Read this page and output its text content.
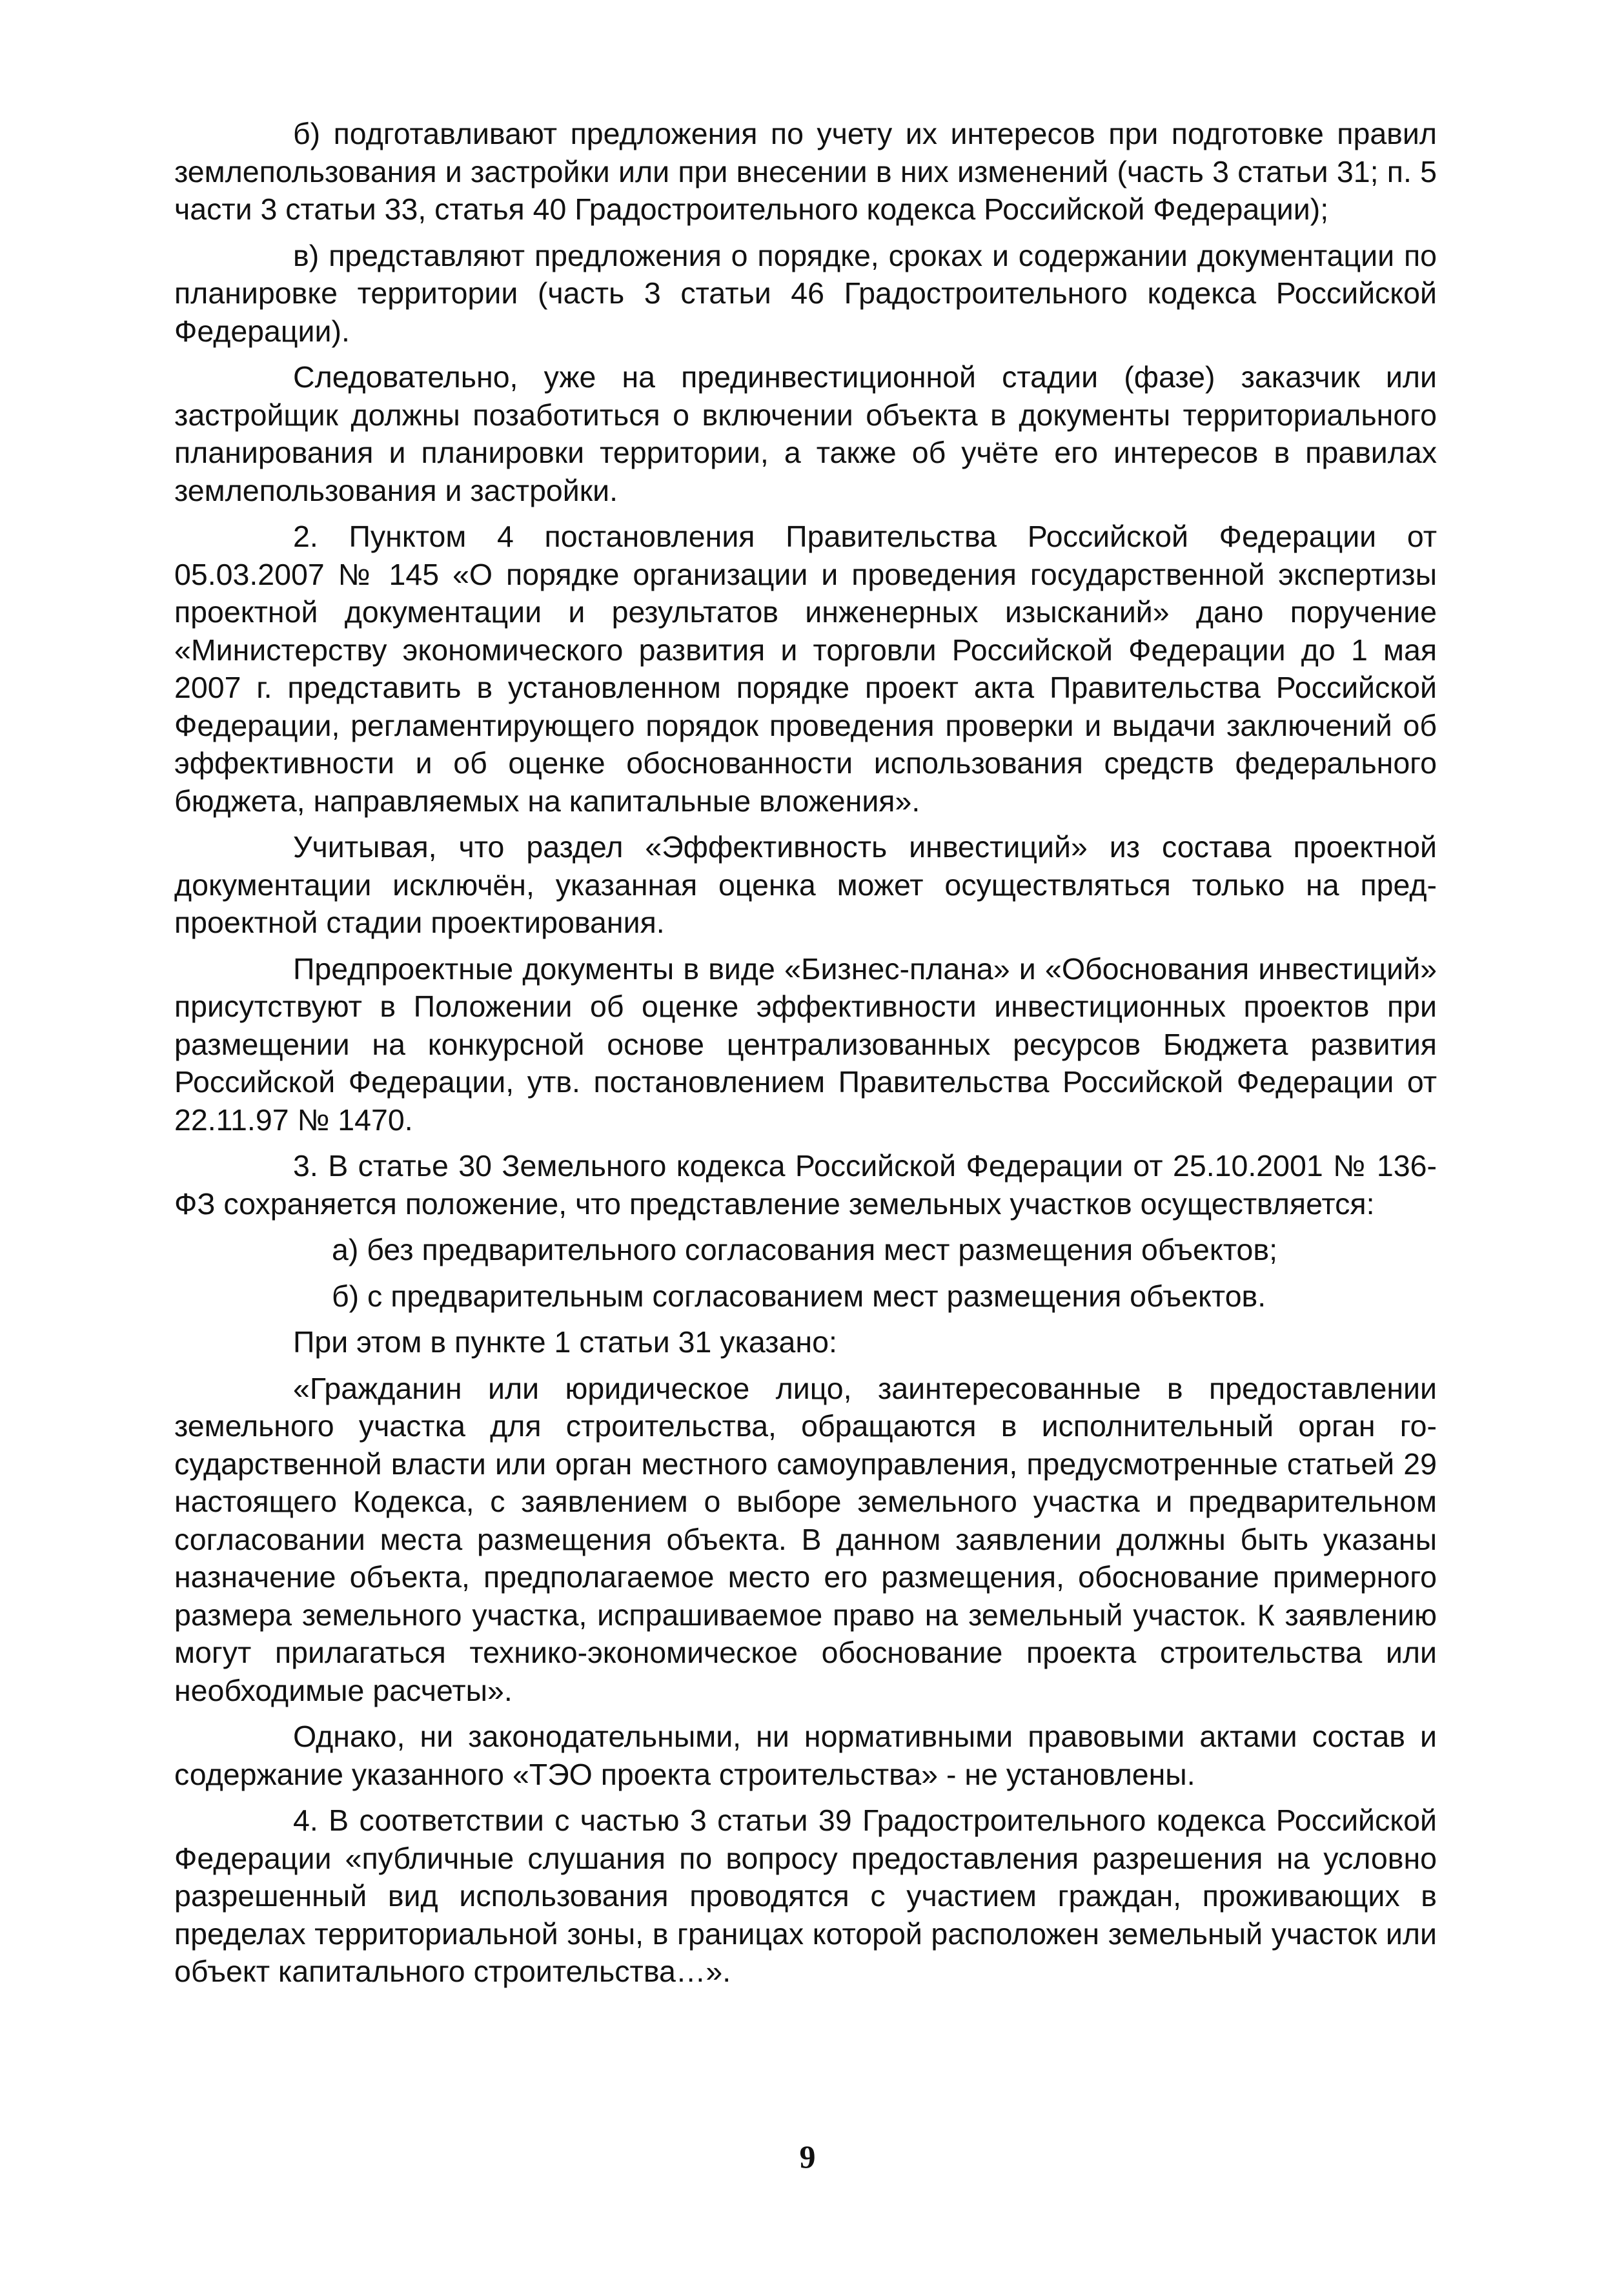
б) подготавливают предложения по учету их интересов при подготовке правил землепользования и застройки или при внесении в них изменений (часть 3 статьи 31; п. 5 части 3 статьи 33, статья 40 Градостроительного кодекса Российской Федерации);

в) представляют предложения о порядке, сроках и содержании документации по планировке территории (часть 3 статьи 46 Градостроительного кодекса Российской Федерации).

Следовательно, уже на прединвестиционной стадии (фазе) заказчик или застройщик должны позаботиться о включении объекта в документы территориального планирования и планировки территории, а также об учёте его интересов в правилах землепользования и застройки.

2. Пунктом 4 постановления Правительства Российской Федерации от 05.03.2007 № 145 «О порядке организации и проведения государственной экспертизы проектной документации и результатов инженерных изысканий» дано поручение «Министерству экономического развития и торговли Российской Федерации до 1 мая 2007 г. представить в установленном порядке проект акта Правительства Российской Федерации, регламентирующего порядок проведения проверки и выдачи заключений об эффективности и об оценке обоснованности использования средств федерального бюджета, направляемых на капитальные вложения».

Учитывая, что раздел «Эффективность инвестиций» из состава проектной документации исключён, указанная оценка может осуществляться только на предпроектной стадии проектирования.

Предпроектные документы в виде «Бизнес-плана» и «Обоснования инвестиций» присутствуют в Положении об оценке эффективности инвестиционных проектов при размещении на конкурсной основе централизованных ресурсов Бюджета развития Российской Федерации, утв. постановлением Правительства Российской Федерации от 22.11.97 № 1470.

3. В статье 30 Земельного кодекса Российской Федерации от 25.10.2001 № 136-ФЗ сохраняется положение, что представление земельных участков осуществляется:

а) без предварительного согласования мест размещения объектов;

б) с предварительным согласованием мест размещения объектов.

При этом в пункте 1 статьи 31 указано:

«Гражданин или юридическое лицо, заинтересованные в предоставлении земельного участка для строительства, обращаются в исполнительный орган государственной власти или орган местного самоуправления, предусмотренные статьей 29 настоящего Кодекса, с заявлением о выборе земельного участка и предварительном согласовании места размещения объекта. В данном заявлении должны быть указаны назначение объекта, предполагаемое место его размещения, обоснование примерного размера земельного участка, испрашиваемое право на земельный участок. К заявлению могут прилагаться технико-экономическое обоснование проекта строительства или необходимые расчеты».

Однако, ни законодательными, ни нормативными правовыми актами состав и содержание указанного «ТЭО проекта строительства» - не установлены.

4. В соответствии с частью 3 статьи 39 Градостроительного кодекса Российской Федерации «публичные слушания по вопросу предоставления разрешения на условно разрешенный вид использования проводятся с участием граждан, проживающих в пределах территориальной зоны, в границах которой расположен земельный участок или объект капитального строительства…».

9
